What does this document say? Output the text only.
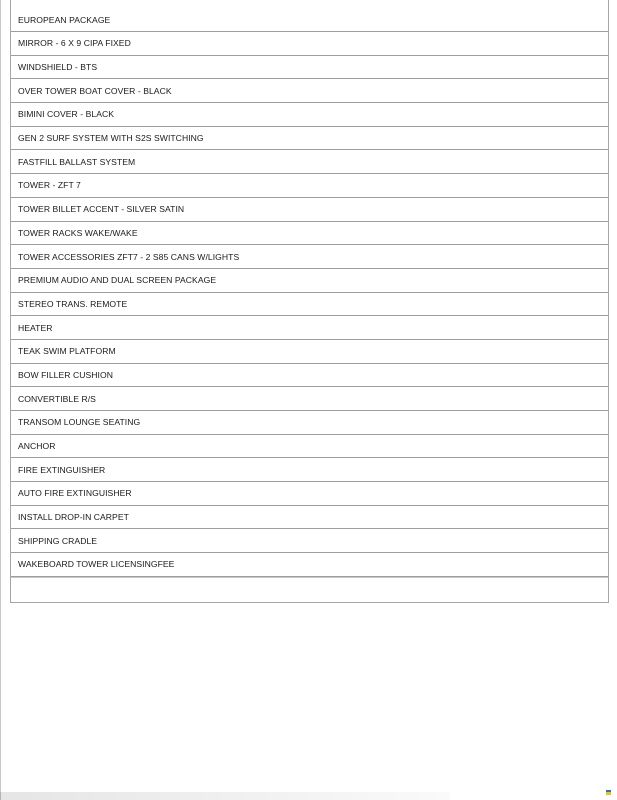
EUROPEAN PACKAGE
MIRROR - 6 X 9 CIPA FIXED
WINDSHIELD - BTS
OVER TOWER BOAT COVER - BLACK
BIMINI COVER - BLACK
GEN 2 SURF SYSTEM WITH S2S SWITCHING
FASTFILL BALLAST SYSTEM
TOWER - ZFT 7
TOWER BILLET ACCENT - SILVER SATIN
TOWER RACKS WAKE/WAKE
TOWER ACCESSORIES ZFT7 - 2 S85 CANS W/LIGHTS
PREMIUM AUDIO AND DUAL SCREEN PACKAGE
STEREO TRANS. REMOTE
HEATER
TEAK SWIM PLATFORM
BOW FILLER CUSHION
CONVERTIBLE R/S
TRANSOM LOUNGE SEATING
ANCHOR
FIRE EXTINGUISHER
AUTO FIRE EXTINGUISHER
INSTALL DROP-IN CARPET
SHIPPING CRADLE
WAKEBOARD TOWER LICENSINGFEE
